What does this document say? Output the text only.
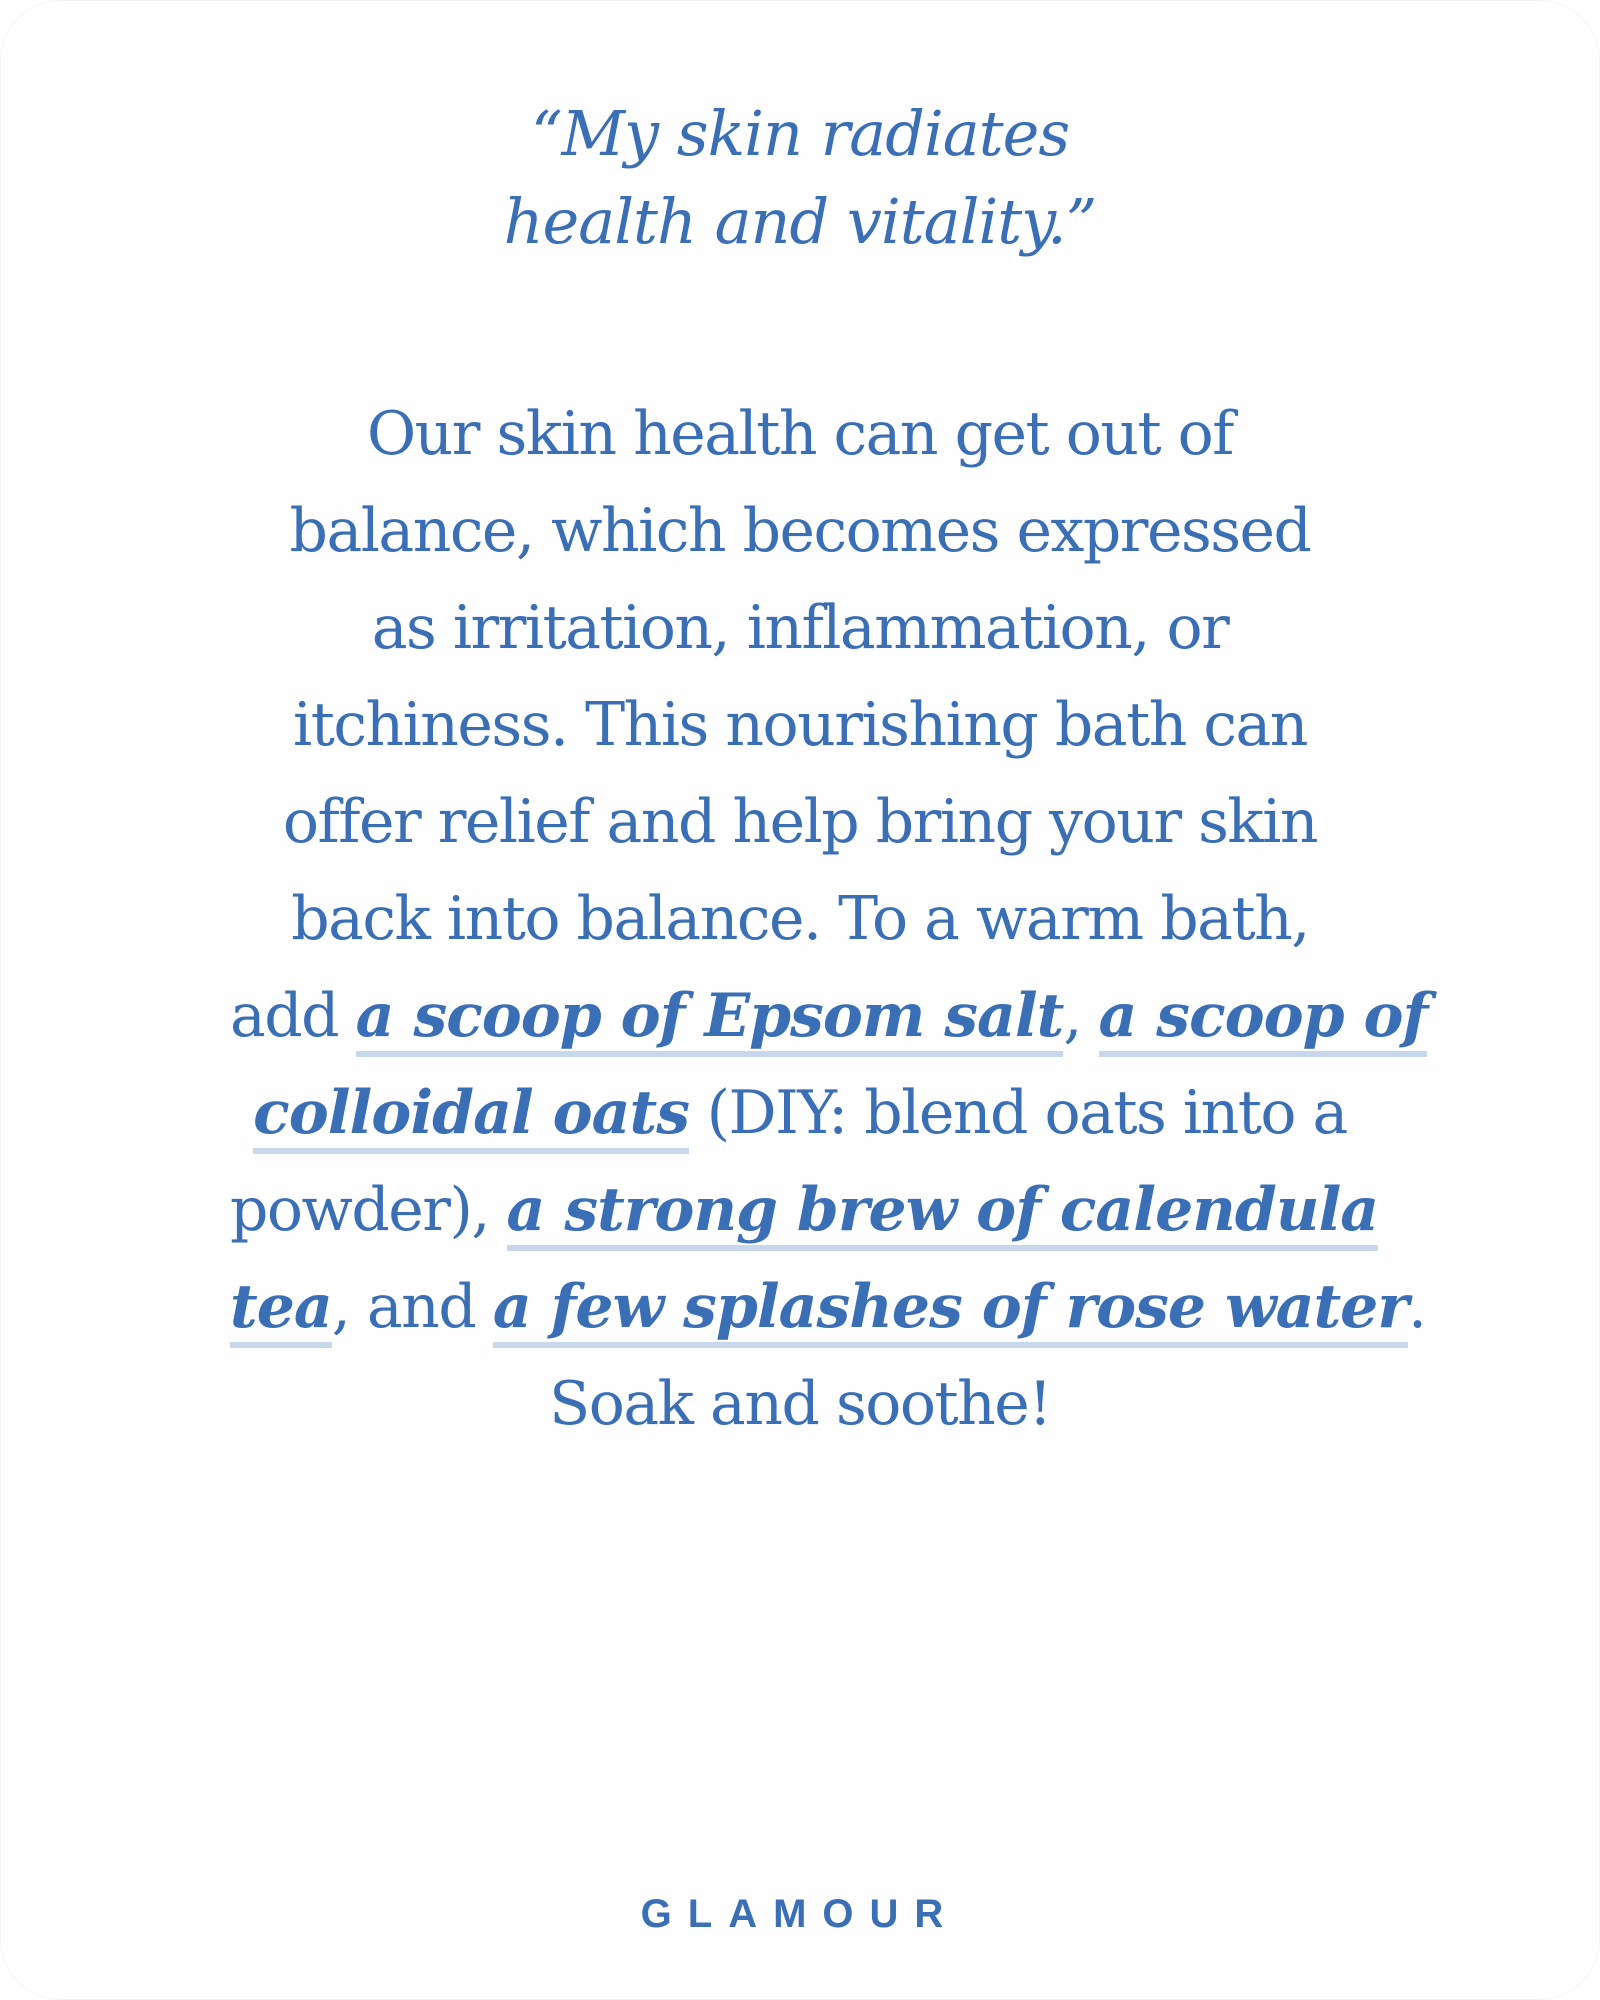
“My skin radiates
health and vitality.”
Our skin health can get out of
balance, which becomes expressed
as irritation, inflammation, or
itchiness. This nourishing bath can
offer relief and help bring your skin
back into balance. To a warm bath,
add a scoop of Epsom salt, a scoop of
colloidal oats (DIY: blend oats into a
powder), a strong brew of calendula
tea, and a few splashes of rose water.
Soak and soothe!
GLAMOUR
